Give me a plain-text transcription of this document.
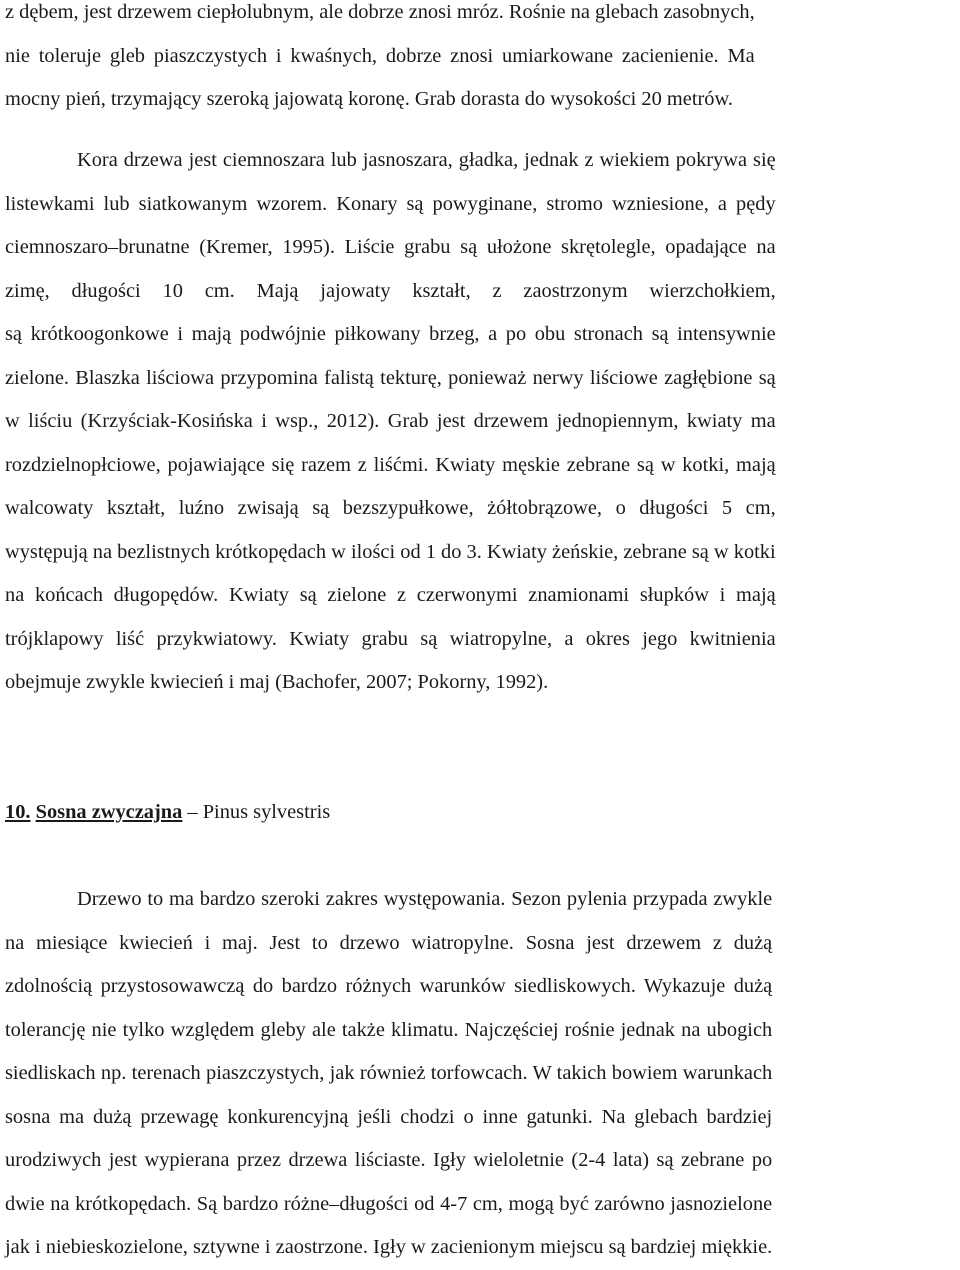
z dębem, jest drzewem ciepłolubnym, ale dobrze znosi mróz. Rośnie na glebach zasobnych,
nie toleruje gleb piaszczystych i kwaśnych, dobrze znosi umiarkowane zacienienie. Ma
mocny pień, trzymający szeroką jajowatą koronę. Grab dorasta do wysokości 20 metrów.
Kora drzewa jest ciemnoszara lub jasnoszara, gładka, jednak z wiekiem pokrywa się
listewkami lub siatkowanym wzorem. Konary są powyginane, stromo wzniesione, a pędy
ciemnoszaro–brunatne (Kremer, 1995). Liście grabu są ułożone skrętolegle, opadające na
zimę, długości 10 cm. Mają jajowaty kształt, z zaostrzonym wierzchołkiem,
są krótkoogonkowe i mają podwójnie piłkowany brzeg, a po obu stronach są intensywnie
zielone. Blaszka liściowa przypomina falistą tekturę, ponieważ nerwy liściowe zagłębione są
w liściu (Krzyściak-Kosińska i wsp., 2012). Grab jest drzewem jednopiennym, kwiaty ma
rozdzielnopłciowe, pojawiające się razem z liśćmi. Kwiaty męskie zebrane są w kotki, mają
walcowaty kształt, luźno zwisają są bezszypułkowe, żółtobrązowe, o długości 5 cm,
występują na bezlistnych krótkopędach w ilości od 1 do 3. Kwiaty żeńskie, zebrane są w kotki
na końcach długopędów. Kwiaty są zielone z czerwonymi znamionami słupków i mają
trójklapowy liść przykwiatowy. Kwiaty grabu są wiatropylne, a okres jego kwitnienia
obejmuje zwykle kwiecień i maj (Bachofer, 2007; Pokorny, 1992).
10. Sosna zwyczajna – Pinus sylvestris
Drzewo to ma bardzo szeroki zakres występowania. Sezon pylenia przypada zwykle
na miesiące kwiecień i maj. Jest to drzewo wiatropylne. Sosna jest drzewem z dużą
zdolnością przystosowawczą do bardzo różnych warunków siedliskowych. Wykazuje dużą
tolerancję nie tylko względem gleby ale także klimatu. Najczęściej rośnie jednak na ubogich
siedliskach np. terenach piaszczystych, jak również torfowcach. W takich bowiem warunkach
sosna ma dużą przewagę konkurencyjną jeśli chodzi o inne gatunki. Na glebach bardziej
urodziwych jest wypierana przez drzewa liściaste. Igły wieloletnie (2-4 lata) są zebrane po
dwie na krótkopędach. Są bardzo różne–długości od 4-7 cm, mogą być zarówno jasnozielone
jak i niebieskozielone, sztywne i zaostrzone. Igły w zacienionym miejscu są bardziej miękkie.
